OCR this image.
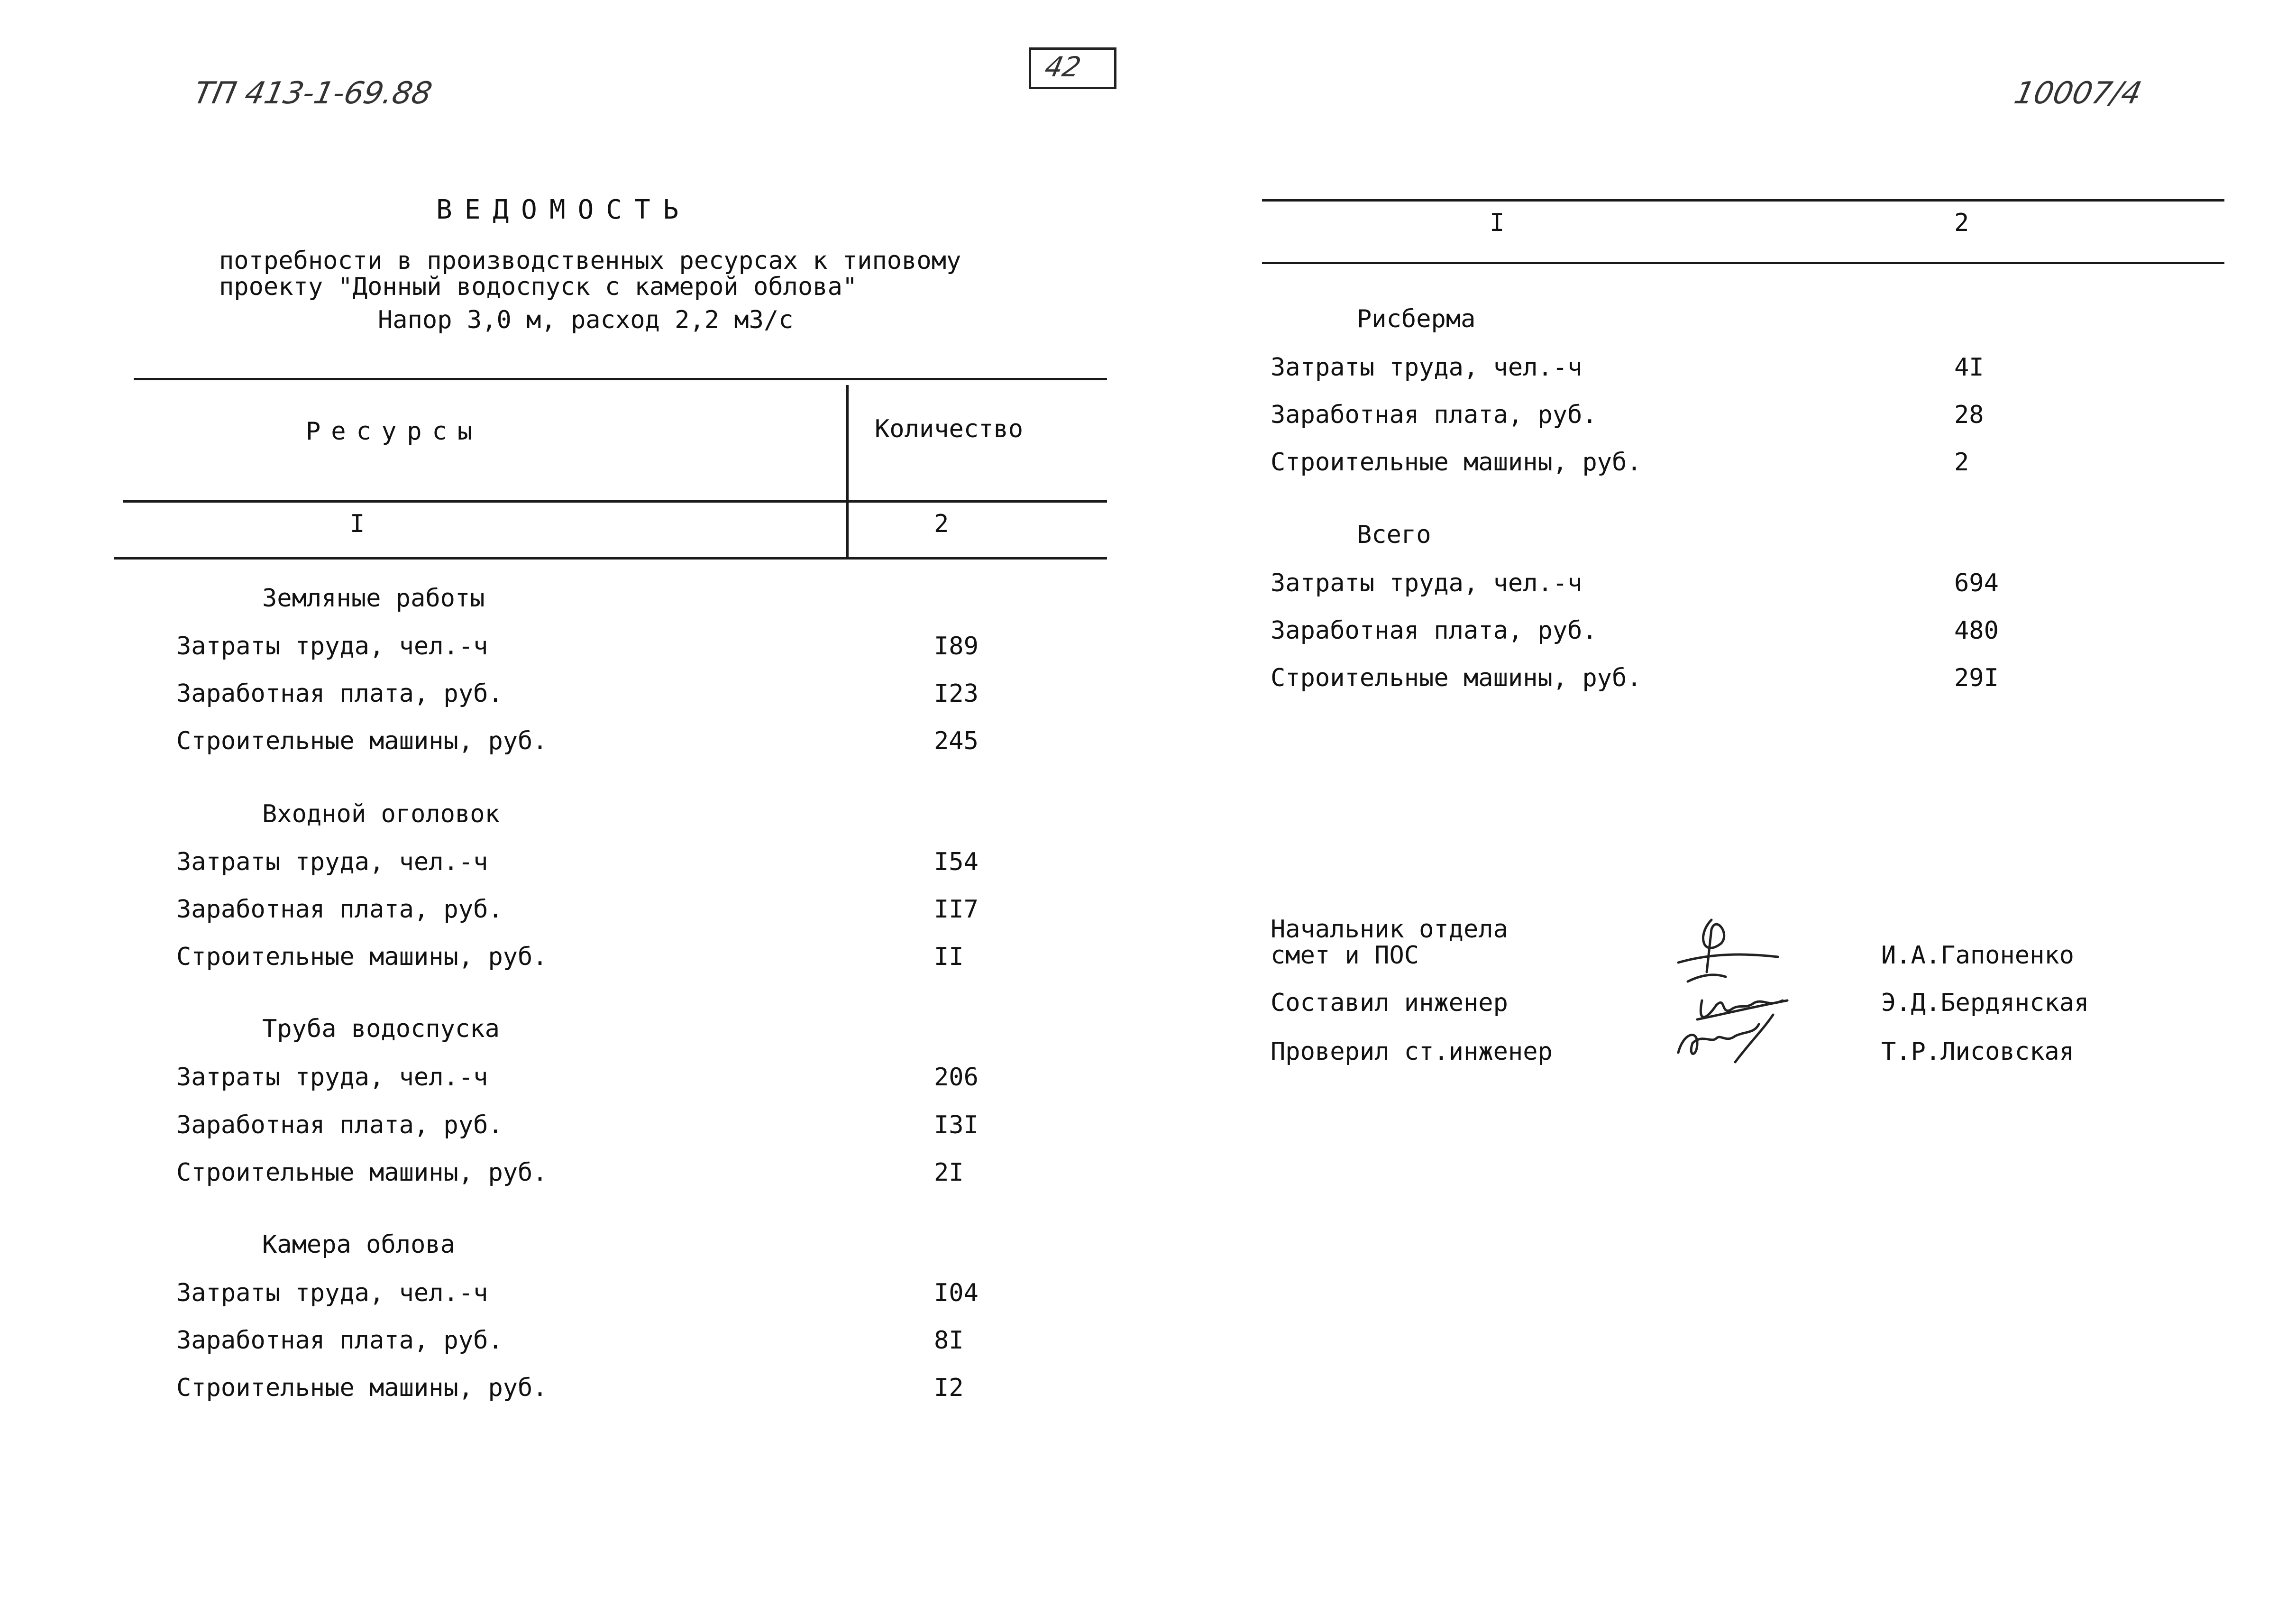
ТП 413-1-69.88
42
10007/4
ВЕДОМОСТЬ
потребности в производственных ресурсах к типовому
проекту "Донный водоспуск с камерой облова"
Напор 3,0 м, расход 2,2 м3/с
Ресурсы	Количество
I	2
Земляные работы
Затраты труда, чел.-ч	I89
Заработная плата, руб.	I23
Строительные машины, руб.	245
Входной оголовок
Затраты труда, чел.-ч	I54
Заработная плата, руб.	II7
Строительные машины, руб.	II
Труба водоспуска
Затраты труда, чел.-ч	206
Заработная плата, руб.	I3I
Строительные машины, руб.	2I
Камера облова
Затраты труда, чел.-ч	I04
Заработная плата, руб.	8I
Строительные машины, руб.	I2
I	2
Рисберма
Затраты труда, чел.-ч	4I
Заработная плата, руб.	28
Строительные машины, руб.	2
Всего
Затраты труда, чел.-ч	694
Заработная плата, руб.	480
Строительные машины, руб.	29I
Начальник отдела
смет и ПОС	И.А.Гапоненко
Составил инженер	Э.Д.Бердянская
Проверил ст.инженер	Т.Р.Лисовская
